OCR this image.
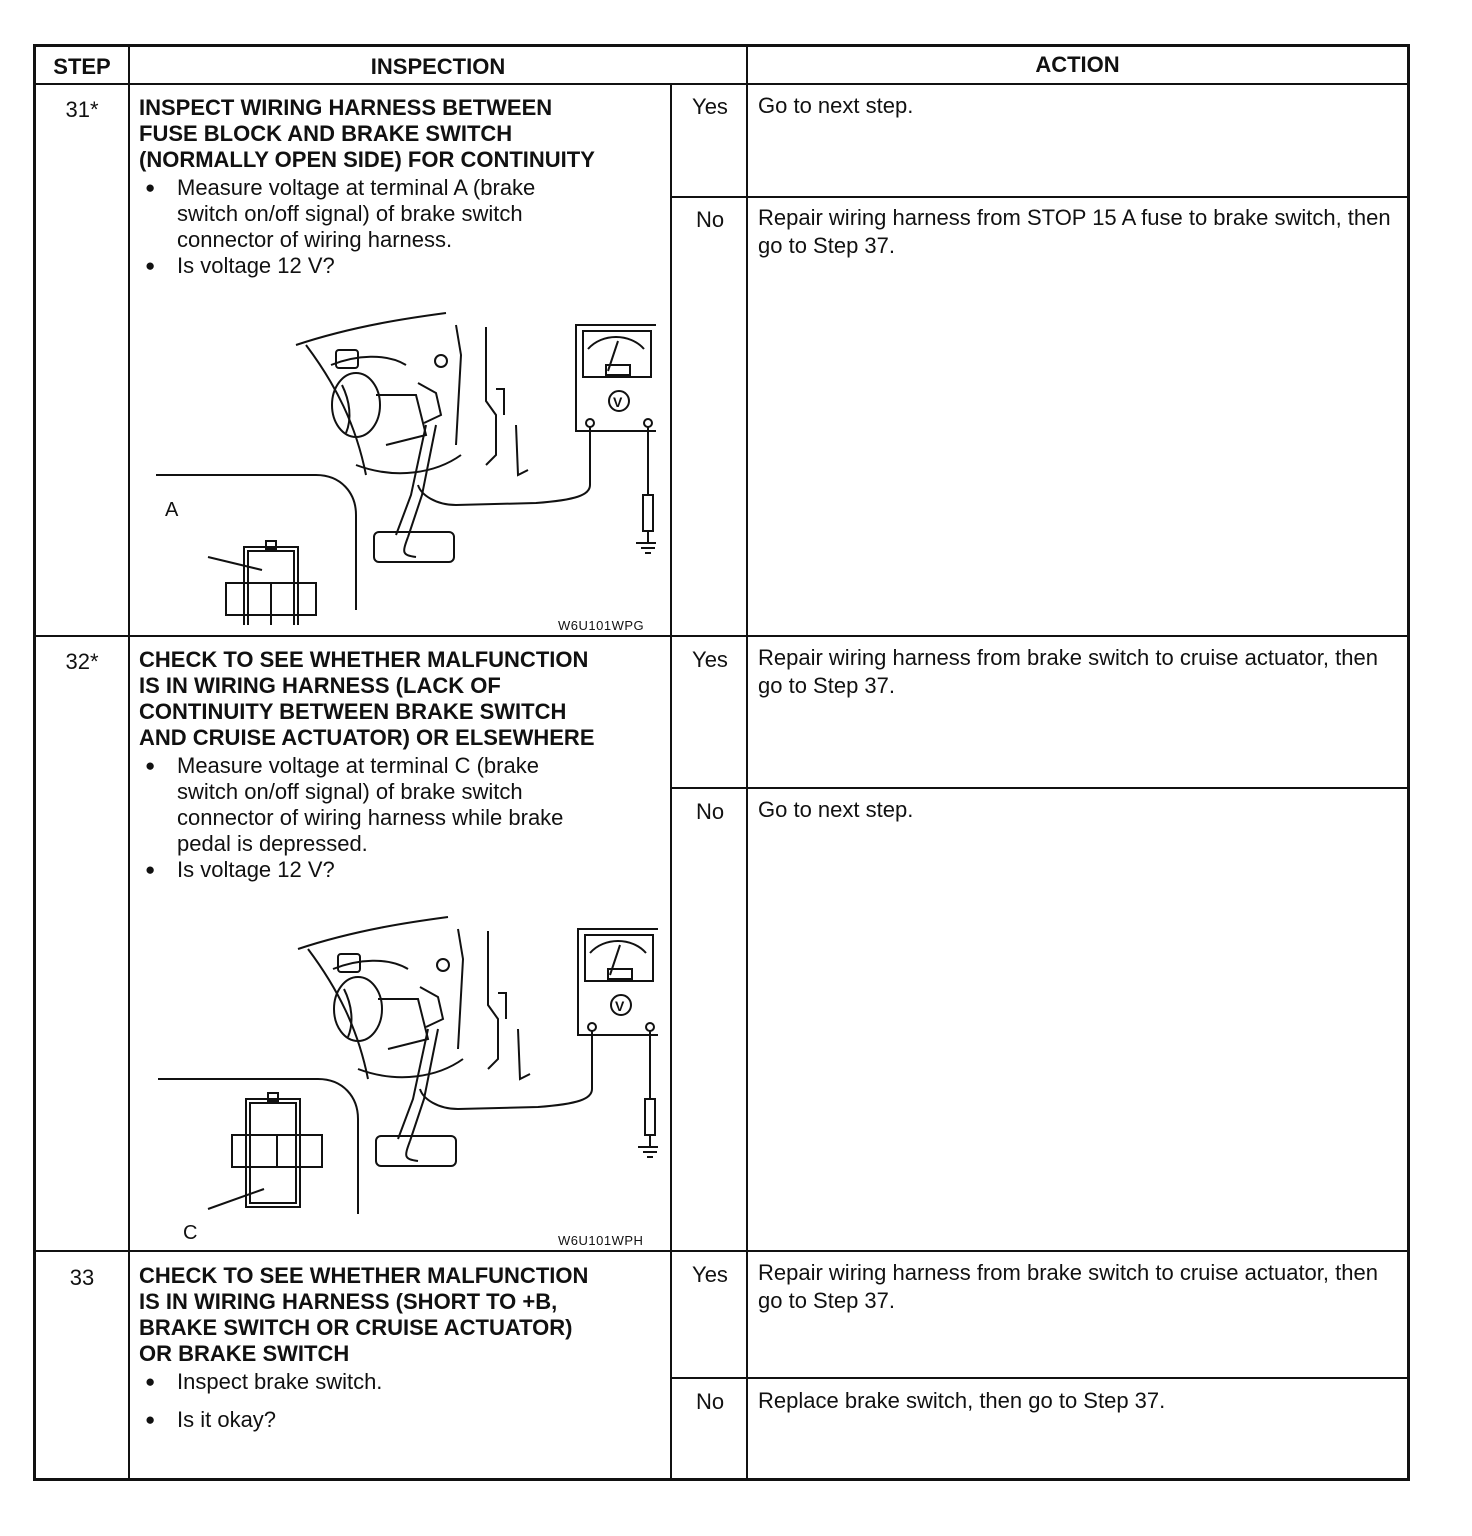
STEP	INSPECTION	ACTION
31*	INSPECT WIRING HARNESS BETWEEN
FUSE BLOCK AND BRAKE SWITCH
(NORMALLY OPEN SIDE) FOR CONTINUITY
● Measure voltage at terminal A (brake switch on/off signal) of brake switch connector of wiring harness.
● Is voltage 12 V?
V
A
W6U101WPG
Yes	Go to next step.
No	Repair wiring harness from STOP 15 A fuse to brake switch, then go to Step 37.
32*	CHECK TO SEE WHETHER MALFUNCTION
IS IN WIRING HARNESS (LACK OF
CONTINUITY BETWEEN BRAKE SWITCH
AND CRUISE ACTUATOR) OR ELSEWHERE
● Measure voltage at terminal C (brake switch on/off signal) of brake switch connector of wiring harness while brake pedal is depressed.
● Is voltage 12 V?
V
C	W6U101WPH
Yes	Repair wiring harness from brake switch to cruise actuator, then go to Step 37.
No	Go to next step.
33	CHECK TO SEE WHETHER MALFUNCTION
IS IN WIRING HARNESS (SHORT TO +B,
BRAKE SWITCH OR CRUISE ACTUATOR)
OR BRAKE SWITCH
● Inspect brake switch.
● Is it okay?
Yes	Repair wiring harness from brake switch to cruise actuator, then go to Step 37.
No	Replace brake switch, then go to Step 37.
